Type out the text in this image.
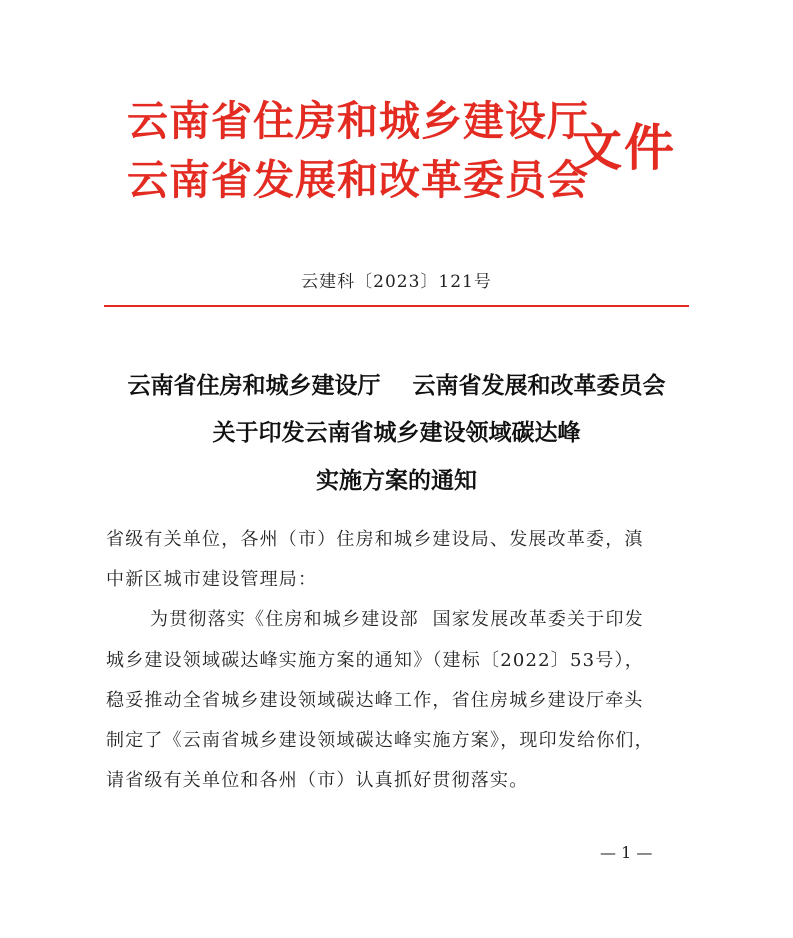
云南省住房和城乡建设厅
云南省发展和改革委员会
文件
云建科〔2023〕121号
云南省住房和城乡建设厅    云南省发展和改革委员会
关于印发云南省城乡建设领域碳达峰
实施方案的通知
省级有关单位，各州（市）住房和城乡建设局、发展改革委，滇
中新区城市建设管理局：
为贯彻落实《住房和城乡建设部  国家发展改革委关于印发
城乡建设领域碳达峰实施方案的通知》（建标〔2022〕53号），
稳妥推动全省城乡建设领域碳达峰工作，省住房城乡建设厅牵头
制定了《云南省城乡建设领域碳达峰实施方案》，现印发给你们，
请省级有关单位和各州（市）认真抓好贯彻落实。
— 1 —
